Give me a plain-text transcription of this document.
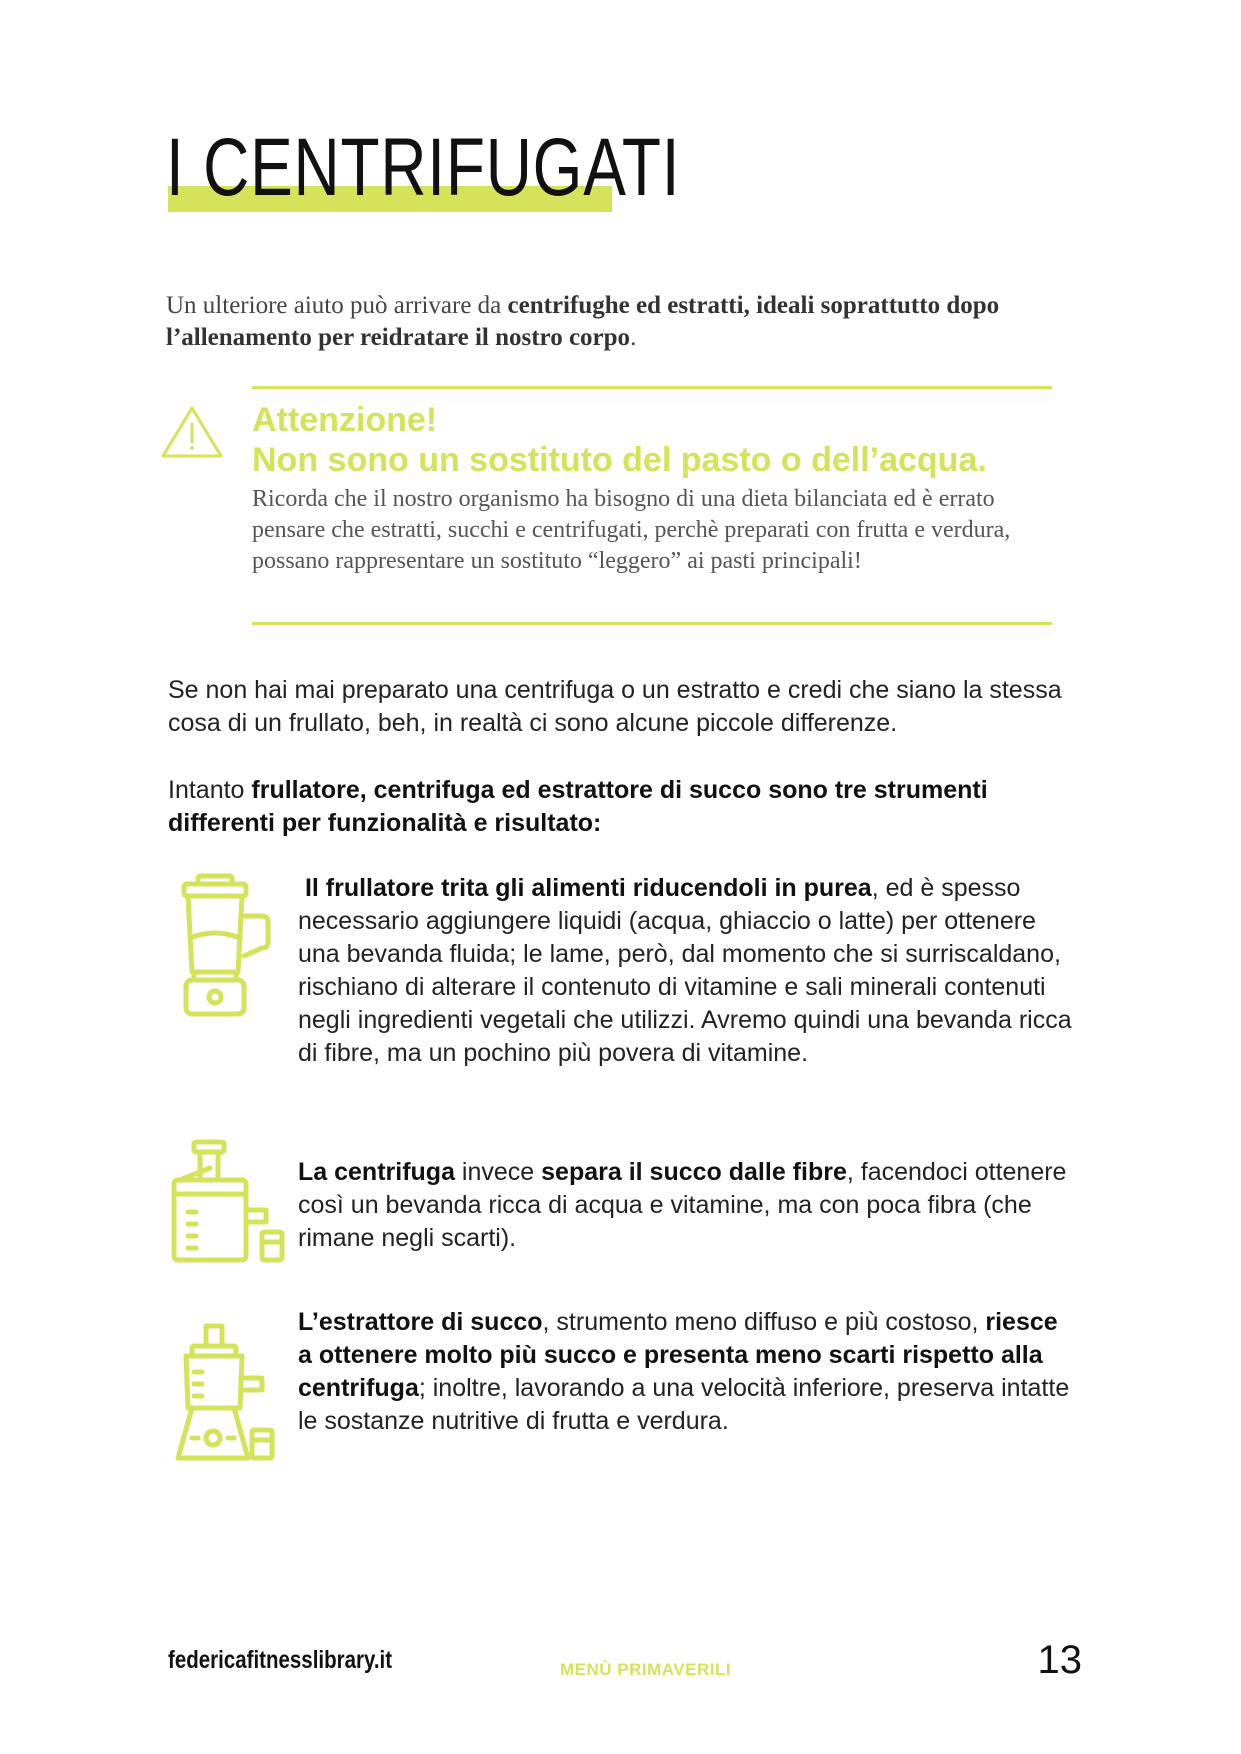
I CENTRIFUGATI

Un ulteriore aiuto può arrivare da centrifughe ed estratti, ideali soprattutto dopo l’allenamento per reidratare il nostro corpo.

Attenzione!

Non sono un sostituto del pasto o dell’acqua.

Ricorda che il nostro organismo ha bisogno di una dieta bilanciata ed è errato pensare che estratti, succhi e centrifugati, perchè preparati con frutta e verdura, possano rappresentare un sostituto “leggero” ai pasti principali!

Se non hai mai preparato una centrifuga o un estratto e credi che siano la stessa cosa di un frullato, beh, in realtà ci sono alcune piccole differenze.

Intanto frullatore, centrifuga ed estrattore di succo sono tre strumenti differenti per funzionalità e risultato:

Il frullatore trita gli alimenti riducendoli in purea, ed è spesso necessario aggiungere liquidi (acqua, ghiaccio o latte) per ottenere una bevanda fluida; le lame, però, dal momento che si surriscaldano, rischiano di alterare il contenuto di vitamine e sali minerali contenuti negli ingredienti vegetali che utilizzi. Avremo quindi una bevanda ricca di fibre, ma un pochino più povera di vitamine.

La centrifuga invece separa il succo dalle fibre, facendoci ottenere così un bevanda ricca di acqua e vitamine, ma con poca fibra (che rimane negli scarti).

L’estrattore di succo, strumento meno diffuso e più costoso, riesce a ottenere molto più succo e presenta meno scarti rispetto alla centrifuga; inoltre, lavorando a una velocità inferiore, preserva intatte le sostanze nutritive di frutta e verdura.

federicafitnesslibrary.it	MENÙ PRIMAVERILI	13
